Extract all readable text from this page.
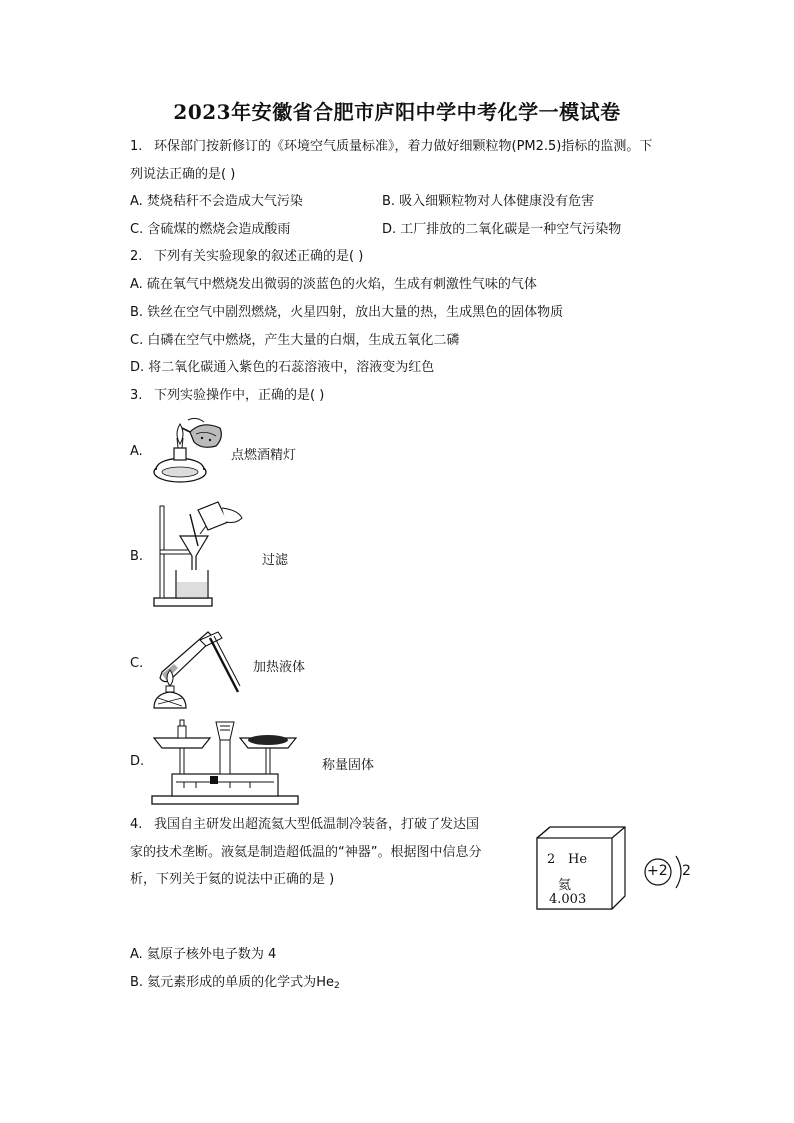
2023年安徽省合肥市庐阳中学中考化学一模试卷
1. 环保部门按新修订的《环境空气质量标准》，着力做好细颗粒物(PM2.5)指标的监测。下
列说法正确的是( )
A. 焚烧秸秆不会造成大气污染	B. 吸入细颗粒物对人体健康没有危害
C. 含硫煤的燃烧会造成酸雨	D. 工厂排放的二氧化碳是一种空气污染物
2. 下列有关实验现象的叙述正确的是( )
A. 硫在氧气中燃烧发出微弱的淡蓝色的火焰，生成有刺激性气味的气体
B. 铁丝在空气中剧烈燃烧，火星四射，放出大量的热，生成黑色的固体物质
C. 白磷在空气中燃烧，产生大量的白烟，生成五氧化二磷
D. 将二氧化碳通入紫色的石蕊溶液中，溶液变为红色
3. 下列实验操作中，正确的是( )
A.	点燃酒精灯
B.	过滤
C.	加热液体
D.	称量固体
4. 我国自主研发出超流氦大型低温制冷装备，打破了发达国
家的技术垄断。液氦是制造超低温的“神器”。根据图中信息分
析，下列关于氦的说法中正确的是 )
2 He
氦
4.003
+2 2
A. 氦原子核外电子数为 4
B. 氦元素形成的单质的化学式为$He_2$
